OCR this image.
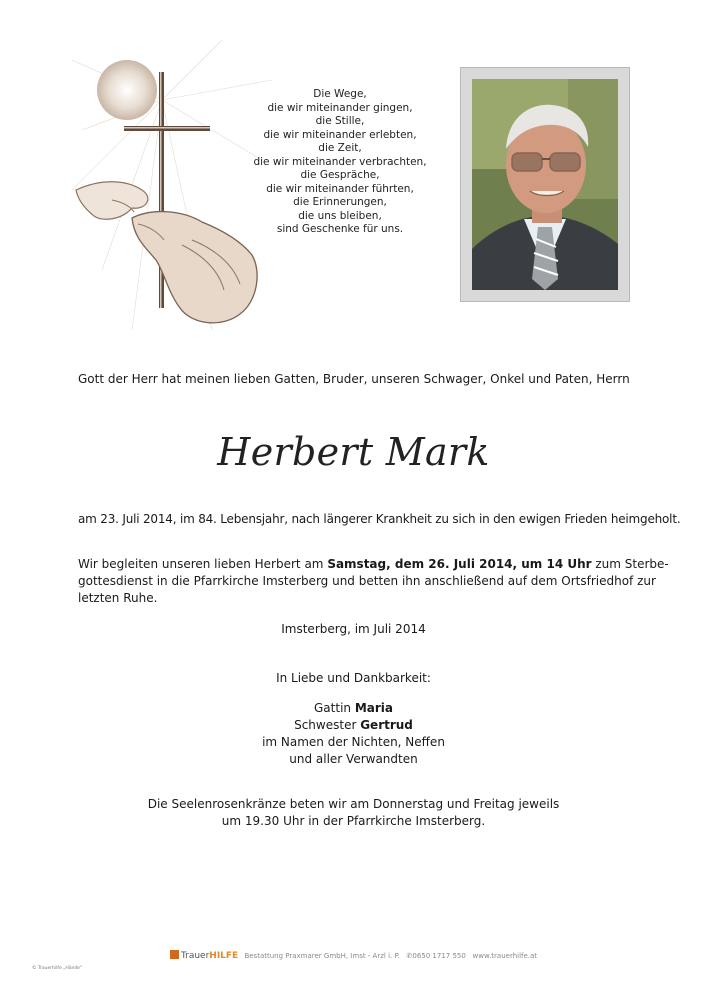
Die Wege,
die wir miteinander gingen,
die Stille,
die wir miteinander erlebten,
die Zeit,
die wir miteinander verbrachten,
die Gespräche,
die wir miteinander führten,
die Erinnerungen,
die uns bleiben,
sind Geschenke für uns.
Gott der Herr hat meinen lieben Gatten, Bruder, unseren Schwager, Onkel und Paten, Herrn
Herbert Mark
am 23. Juli 2014, im 84. Lebensjahr, nach längerer Krankheit zu sich in den ewigen Frieden heimgeholt.
Wir begleiten unseren lieben Herbert am Samstag, dem 26. Juli 2014, um 14 Uhr zum Sterbe-
gottesdienst in die Pfarrkirche Imsterberg und betten ihn anschließend auf dem Ortsfriedhof zur
letzten Ruhe.
Imsterberg, im Juli 2014
In Liebe und Dankbarkeit:
Gattin Maria
Schwester Gertrud
im Namen der Nichten, Neffen
und aller Verwandten
Die Seelenrosenkränze beten wir am Donnerstag und Freitag jeweils
um 19.30 Uhr in der Pfarrkirche Imsterberg.
TrauerHILFE Bestattung Praxmarer GmbH, Imst - Arzl i. P. ✆0650 1717 550 www.trauerhilfe.at
© Trauerhilfe „Hände“
